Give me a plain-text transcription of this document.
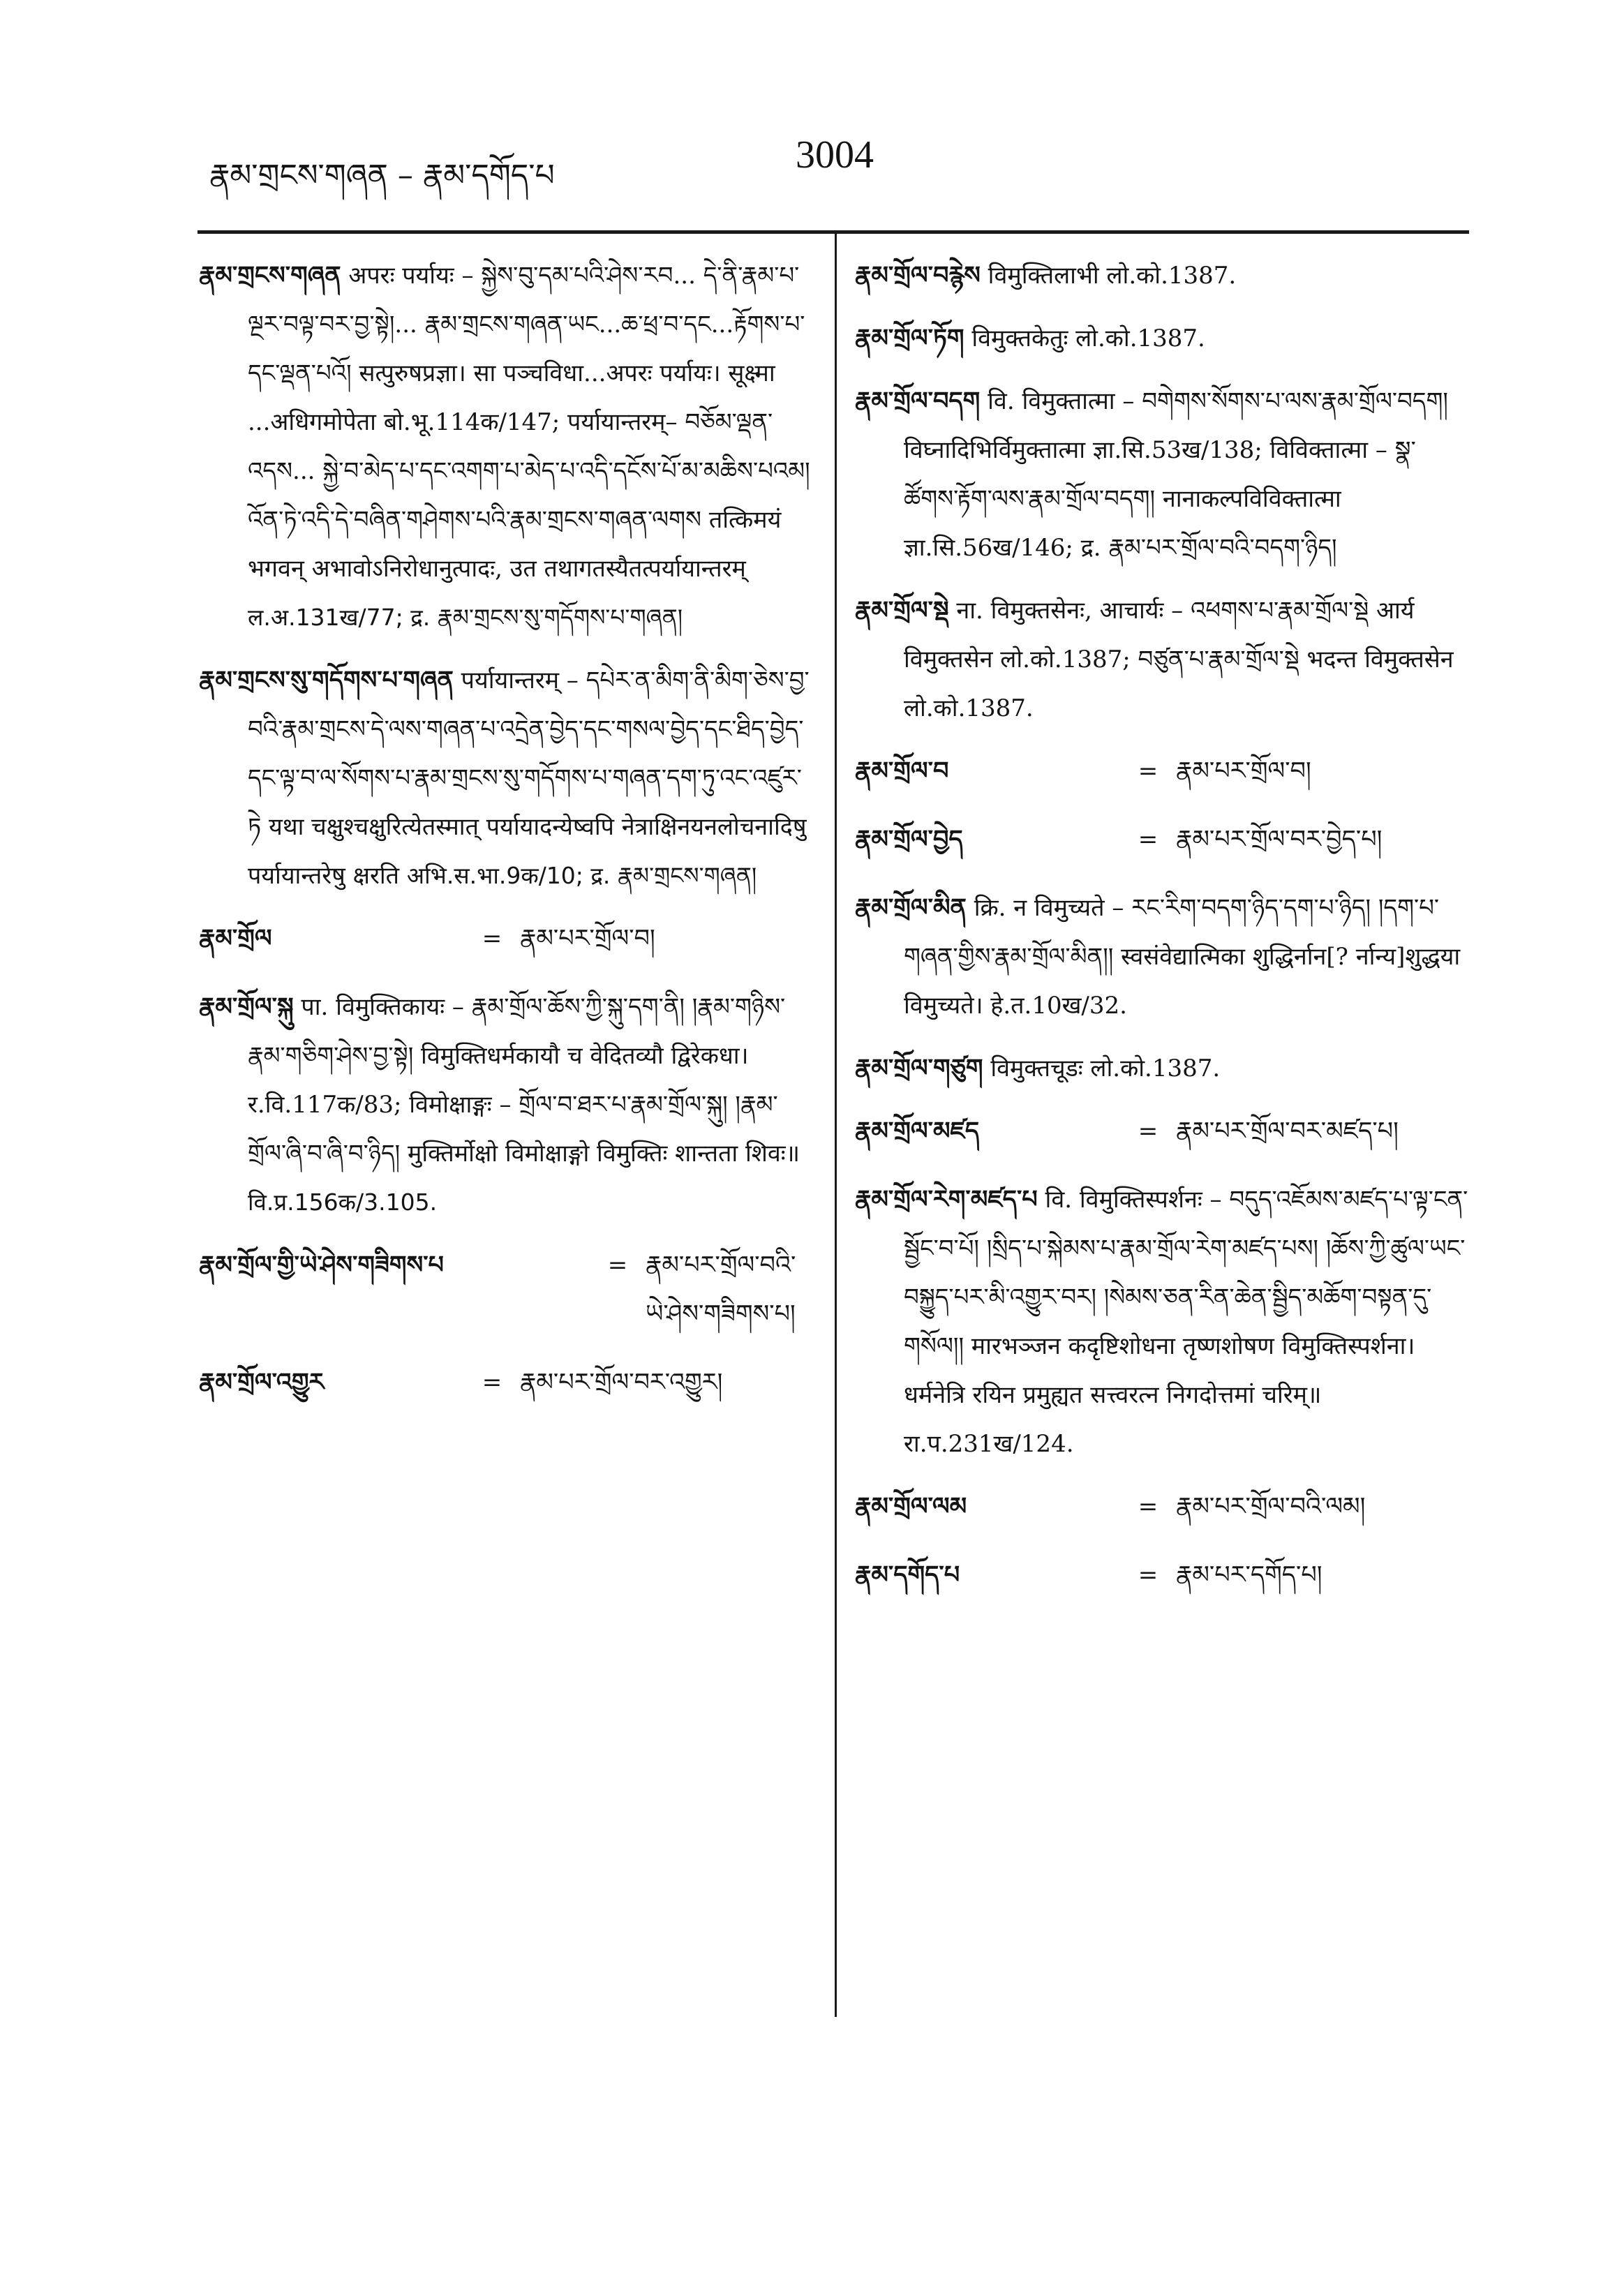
རྣམ་གྲངས་གཞན – རྣམ་དགོད་པ	3004
རྣམ་གྲངས་གཞན अपरः पर्यायः – སྐྱེས་བུ་དམ་པའི་ཤེས་རབ... དེ་ནི་རྣམ་པ་ལྔར་བལྟ་བར་བྱ་སྟེ།... རྣམ་གྲངས་གཞན་ཡང...ཆ་ཕྲ་བ་དང...རྟོགས་པ་དང་ལྡན་པའོ། सत्पुरुषप्रज्ञा। सा पञ्चविधा...अपरः पर्यायः। सूक्ष्मा ...अधिगमोपेता बो.भू.114क/147; पर्यायान्तरम्– བཅོམ་ལྡན་འདས... སྐྱེ་བ་མེད་པ་དང་འགག་པ་མེད་པ་འདི་དངོས་པོ་མ་མཆིས་པའམ། འོན་ཏེ་འདི་དེ་བཞིན་གཤེགས་པའི་རྣམ་གྲངས་གཞན་ལགས तत्किमयं भगवन् अभावोऽनिरोधानुत्पादः, उत तथागतस्यैतत्पर्यायान्तरम् ल.अ.131ख/77; द्र. རྣམ་གྲངས་སུ་གདོགས་པ་གཞན།
རྣམ་གྲངས་སུ་གདོགས་པ་གཞན पर्यायान्तरम् – དཔེར་ན་མིག་ནི་མིག་ཅེས་བྱ་བའི་རྣམ་གྲངས་དེ་ལས་གཞན་པ་འདྲེན་བྱེད་དང་གསལ་བྱེད་དང་ཐིད་བྱེད་དང་ལྟ་བ་ལ་སོགས་པ་རྣམ་གྲངས་སུ་གདོགས་པ་གཞན་དག་ཏུ་འང་འཛུར་ཏེ यथा चक्षुश्चक्षुरित्येतस्मात् पर्यायादन्येष्वपि नेत्राक्षिनयनलोचनादिषु पर्यायान्तरेषु क्षरति अभि.स.भा.9क/10; द्र. རྣམ་གྲངས་གཞན།
རྣམ་གྲོལ	= རྣམ་པར་གྲོལ་བ།
རྣམ་གྲོལ་སྐུ पा. विमुक्तिकायः – རྣམ་གྲོལ་ཆོས་ཀྱི་སྐུ་དག་ནི། །རྣམ་གཉིས་རྣམ་གཅིག་ཤེས་བྱ་སྟེ། विमुक्तिधर्मकायौ च वेदितव्यौ द्विरेकधा। र.वि.117क/83; विमोक्षाङ्गः – གྲོལ་བ་ཐར་པ་རྣམ་གྲོལ་སྐུ། །རྣམ་གྲོལ་ཞི་བ་ཞི་བ་ཉིད། मुक्तिर्मोक्षो विमोक्षाङ्गो विमुक्तिः शान्तता शिवः॥ वि.प्र.156क/3.105.
རྣམ་གྲོལ་གྱི་ཡེ་ཤེས་གཟིགས་པ	= རྣམ་པར་གྲོལ་བའི་ཡེ་ཤེས་གཟིགས་པ།
རྣམ་གྲོལ་འགྱུར	= རྣམ་པར་གྲོལ་བར་འགྱུར།
རྣམ་གྲོལ་བརྙེས विमुक्तिलाभी लो.को.1387.
རྣམ་གྲོལ་ཏོག विमुक्तकेतुः लो.को.1387.
རྣམ་གྲོལ་བདག वि. विमुक्तात्मा – བགེགས་སོགས་པ་ལས་རྣམ་གྲོལ་བདག། विघ्नादिभिर्विमुक्तात्मा ज्ञा.सि.53ख/138; विविक्तात्मा – སྣ་ཚོགས་རྟོག་ལས་རྣམ་གྲོལ་བདག། नानाकल्पविविक्तात्मा ज्ञा.सि.56ख/146; द्र. རྣམ་པར་གྲོལ་བའི་བདག་ཉིད།
རྣམ་གྲོལ་སྡེ ना. विमुक्तसेनः, आचार्यः – འཕགས་པ་རྣམ་གྲོལ་སྡེ आर्य विमुक्तसेन लो.को.1387; བཙུན་པ་རྣམ་གྲོལ་སྡེ भदन्त विमुक्तसेन लो.को.1387.
རྣམ་གྲོལ་བ	= རྣམ་པར་གྲོལ་བ།
རྣམ་གྲོལ་བྱེད	= རྣམ་པར་གྲོལ་བར་བྱེད་པ།
རྣམ་གྲོལ་མིན क्रि. न विमुच्यते – རང་རིག་བདག་ཉིད་དག་པ་ཉིད། །དག་པ་གཞན་གྱིས་རྣམ་གྲོལ་མིན།། स्वसंवेद्यात्मिका शुद्धिर्नान[? र्नान्य]शुद्धया विमुच्यते। हे.त.10ख/32.
རྣམ་གྲོལ་གཙུག विमुक्तचूडः लो.को.1387.
རྣམ་གྲོལ་མཛད	= རྣམ་པར་གྲོལ་བར་མཛད་པ།
རྣམ་གྲོལ་རེག་མཛད་པ वि. विमुक्तिस्पर्शनः – བདུད་འཇོམས་མཛད་པ་ལྟ་ངན་སྦྱོང་བ་པོ། །སྲིད་པ་སྐེམས་པ་རྣམ་གྲོལ་རེག་མཛད་པས། །ཆོས་ཀྱི་ཚུལ་ཡང་བསྐྱུད་པར་མི་འགྱུར་བར། །སེམས་ཅན་རིན་ཆེན་སྦྱིད་མཆོག་བསྟན་དུ་གསོལ།། मारभञ्जन कदृष्टिशोधना तृष्णशोषण विमुक्तिस्पर्शना। धर्मनेत्रि रयिन प्रमुह्यत सत्त्वरत्न निगदोत्तमां चरिम्॥ रा.प.231ख/124.
རྣམ་གྲོལ་ལམ	= རྣམ་པར་གྲོལ་བའི་ལམ།
རྣམ་དགོད་པ	= རྣམ་པར་དགོད་པ།
